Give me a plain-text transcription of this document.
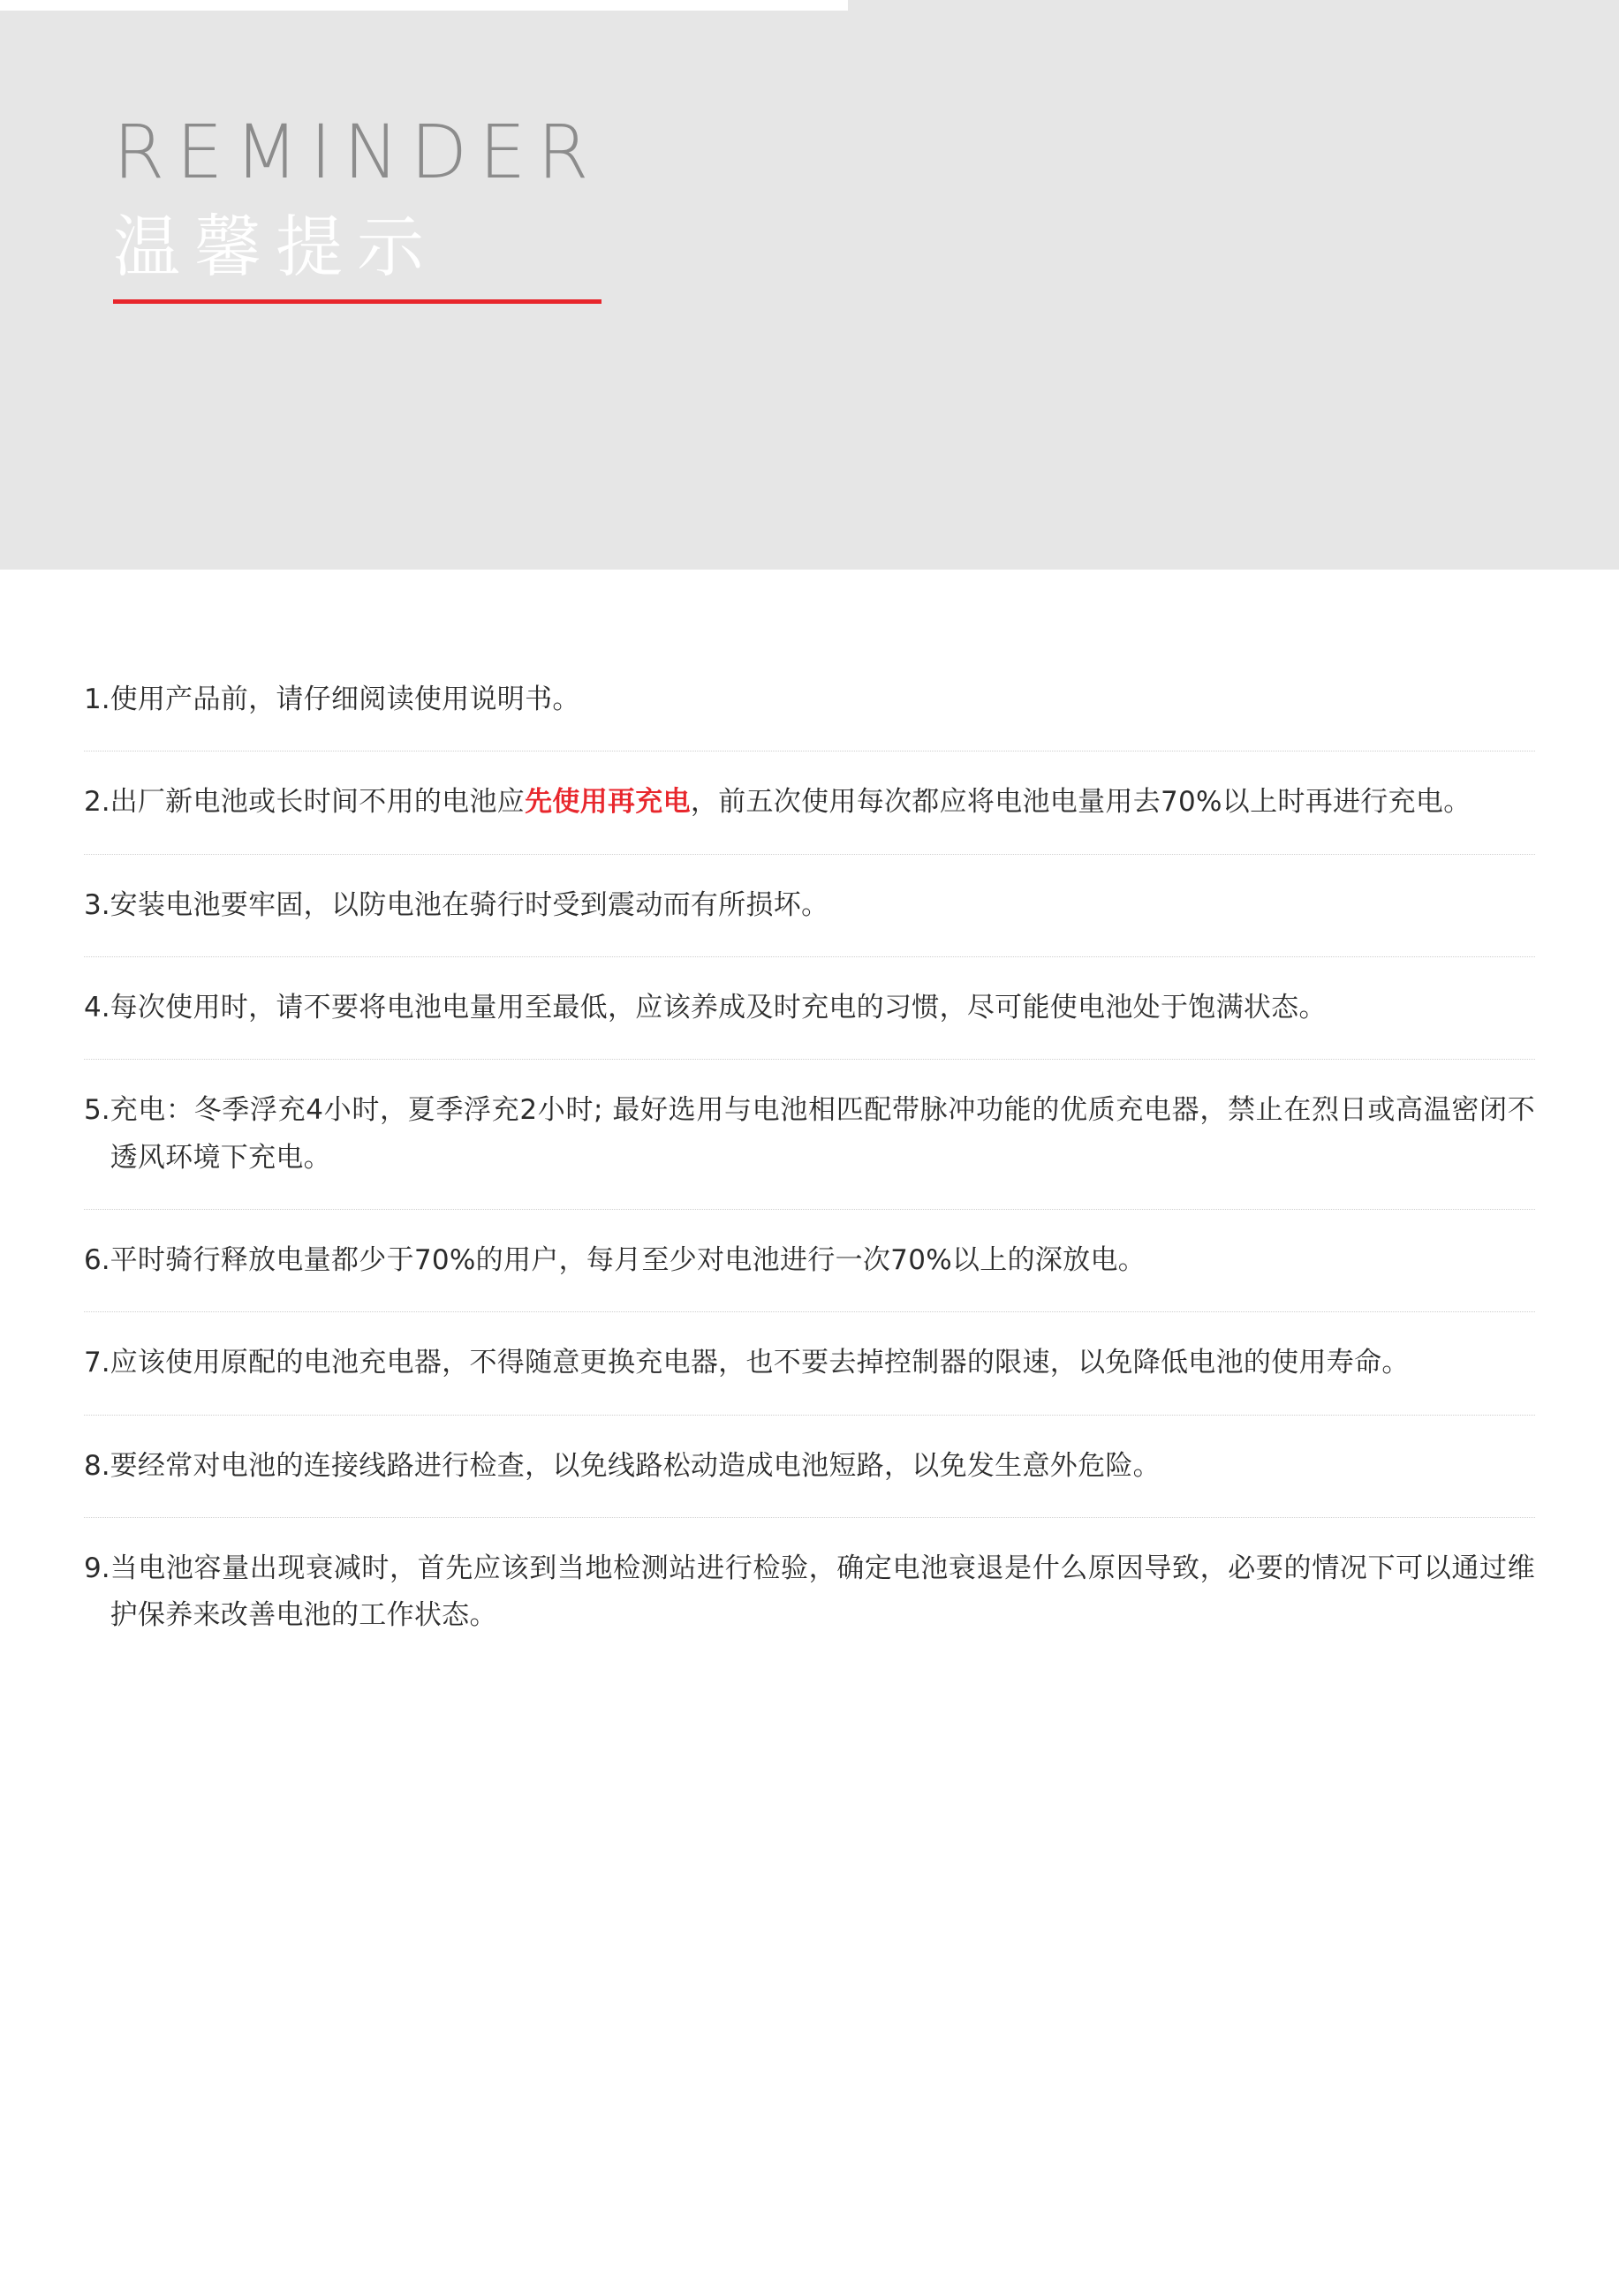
REMINDER
温馨提示
1. 使用产品前，请仔细阅读使用说明书。
2. 出厂新电池或长时间不用的电池应先使用再充电，前五次使用每次都应将电池电量用去70%以上时再进行充电。
3. 安装电池要牢固，以防电池在骑行时受到震动而有所损坏。
4. 每次使用时，请不要将电池电量用至最低，应该养成及时充电的习惯，尽可能使电池处于饱满状态。
5. 充电：冬季浮充4小时，夏季浮充2小时; 最好选用与电池相匹配带脉冲功能的优质充电器，禁止在烈日或高温密闭不透风环境下充电。
6. 平时骑行释放电量都少于70%的用户，每月至少对电池进行一次70%以上的深放电。
7. 应该使用原配的电池充电器，不得随意更换充电器，也不要去掉控制器的限速，以免降低电池的使用寿命。
8. 要经常对电池的连接线路进行检查，以免线路松动造成电池短路，以免发生意外危险。
9. 当电池容量出现衰减时，首先应该到当地检测站进行检验，确定电池衰退是什么原因导致，必要的情况下可以通过维护保养来改善电池的工作状态。
